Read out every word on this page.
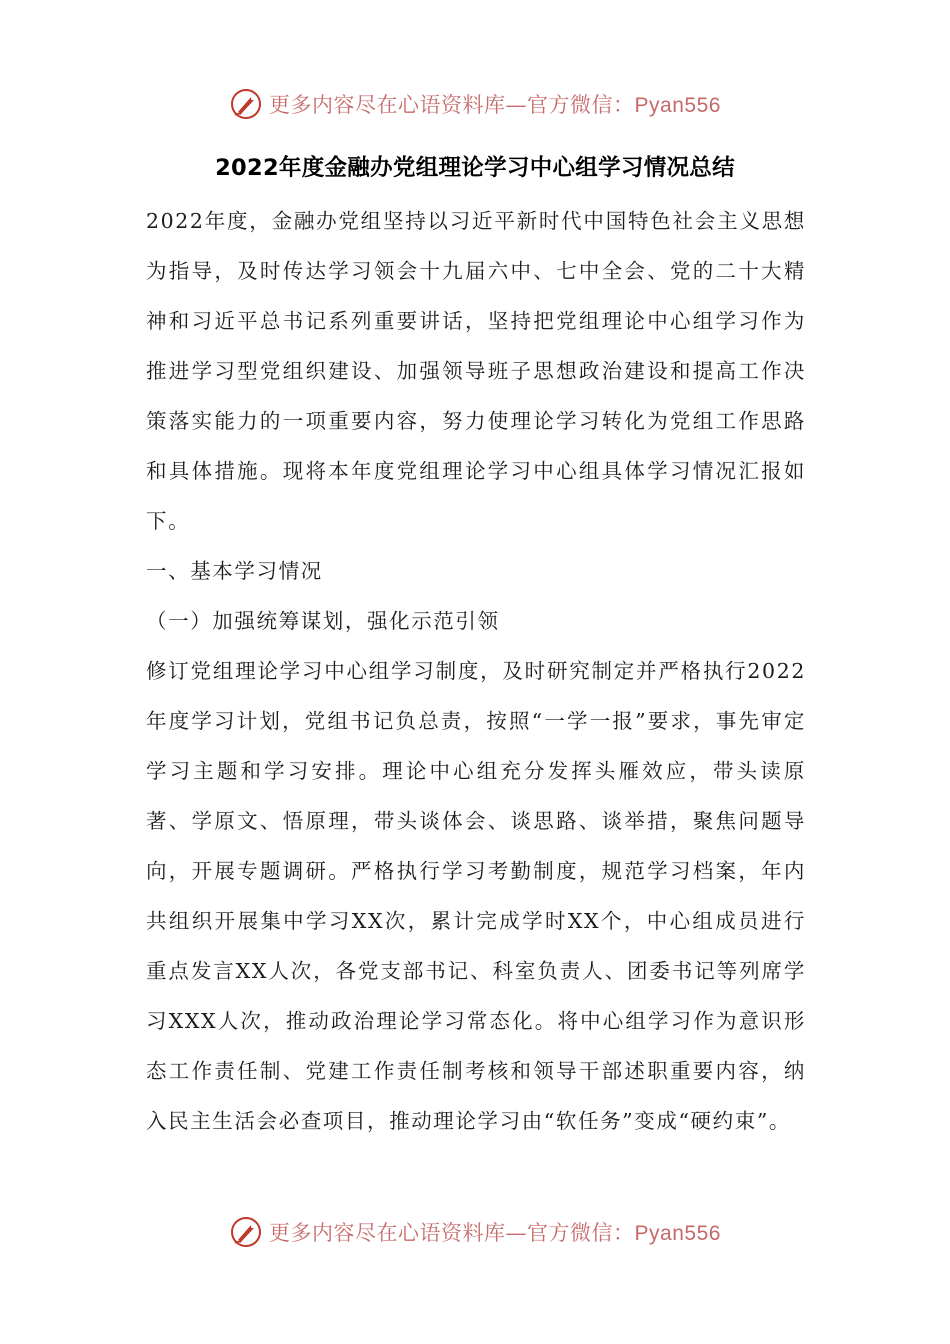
更多内容尽在心语资料库—官方微信：Pyan556
2022年度金融办党组理论学习中心组学习情况总结

2022年度，金融办党组坚持以习近平新时代中国特色社会主义思想为指导，及时传达学习领会十九届六中、七中全会、党的二十大精神和习近平总书记系列重要讲话，坚持把党组理论中心组学习作为推进学习型党组织建设、加强领导班子思想政治建设和提高工作决策落实能力的一项重要内容，努力使理论学习转化为党组工作思路和具体措施。现将本年度党组理论学习中心组具体学习情况汇报如下。

一、基本学习情况

（一）加强统筹谋划，强化示范引领

修订党组理论学习中心组学习制度，及时研究制定并严格执行2022年度学习计划，党组书记负总责，按照“一学一报”要求，事先审定学习主题和学习安排。理论中心组充分发挥头雁效应，带头读原著、学原文、悟原理，带头谈体会、谈思路、谈举措，聚焦问题导向，开展专题调研。严格执行学习考勤制度，规范学习档案，年内共组织开展集中学习XX次，累计完成学时XX个，中心组成员进行重点发言XX人次，各党支部书记、科室负责人、团委书记等列席学习XXX人次，推动政治理论学习常态化。将中心组学习作为意识形态工作责任制、党建工作责任制考核和领导干部述职重要内容，纳入民主生活会必查项目，推动理论学习由“软任务”变成“硬约束”。

更多内容尽在心语资料库—官方微信：Pyan556
